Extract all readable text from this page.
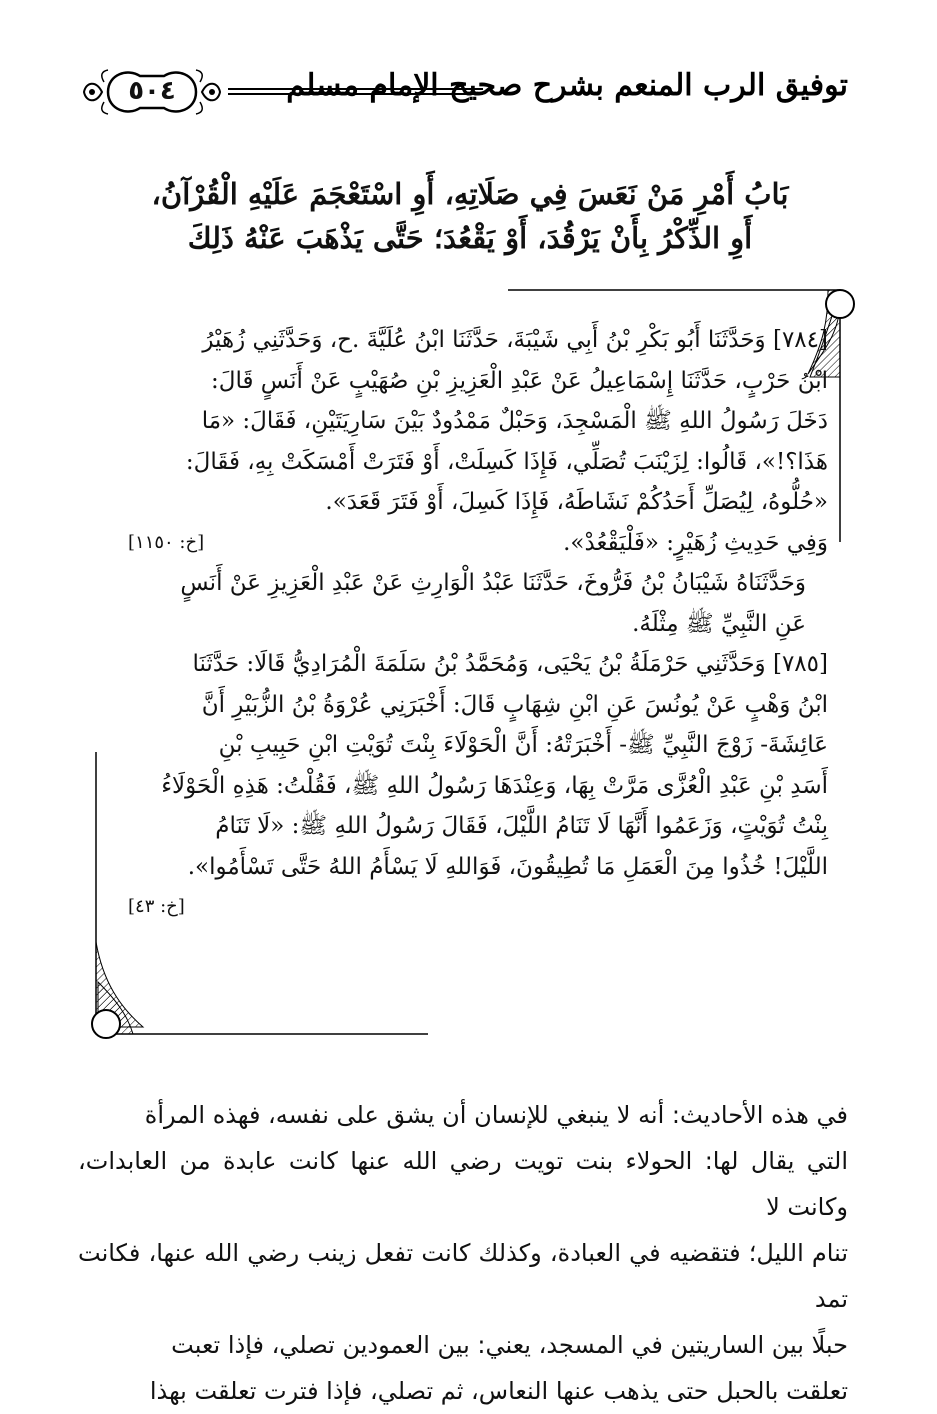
توفيق الرب المنعم بشرح صحيح الإمام مسلم
٥٠٤
بَابُ أَمْرِ مَنْ نَعَسَ فِي صَلَاتِهِ، أَوِ اسْتَعْجَمَ عَلَيْهِ الْقُرْآنُ،
أَوِ الذِّكْرُ بِأَنْ يَرْقُدَ، أَوْ يَقْعُدَ؛ حَتَّى يَذْهَبَ عَنْهُ ذَلِكَ

[٧٨٤] وَحَدَّثَنَا أَبُو بَكْرِ بْنُ أَبِي شَيْبَةَ، حَدَّثَنَا ابْنُ عُلَيَّةَ .ح، وَحَدَّثَنِي زُهَيْرُ
ابْنُ حَرْبٍ، حَدَّثَنَا إِسْمَاعِيلُ عَنْ عَبْدِ الْعَزِيزِ بْنِ صُهَيْبٍ عَنْ أَنَسٍ قَالَ:
دَخَلَ رَسُولُ اللهِ ﷺ الْمَسْجِدَ، وَحَبْلٌ مَمْدُودٌ بَيْنَ سَارِيَتَيْنِ، فَقَالَ: «مَا
هَذَا؟!»، قَالُوا: لِزَيْنَبَ تُصَلِّي، فَإِذَا كَسِلَتْ، أَوْ فَتَرَتْ أَمْسَكَتْ بِهِ، فَقَالَ:
«حُلُّوهُ، لِيُصَلِّ أَحَدُكُمْ نَشَاطَهُ، فَإِذَا كَسِلَ، أَوْ فَتَرَ قَعَدَ».

وَفِي حَدِيثِ زُهَيْرٍ: «فَلْيَقْعُدْ».
[خ: ١١٥٠]

وَحَدَّثَنَاهُ شَيْبَانُ بْنُ فَرُّوخَ، حَدَّثَنَا عَبْدُ الْوَارِثِ عَنْ عَبْدِ الْعَزِيزِ عَنْ أَنَسٍ
عَنِ النَّبِيِّ ﷺ مِثْلَهُ.

[٧٨٥] وَحَدَّثَنِي حَرْمَلَةُ بْنُ يَحْيَى، وَمُحَمَّدُ بْنُ سَلَمَةَ الْمُرَادِيُّ قَالَا: حَدَّثَنَا
ابْنُ وَهْبٍ عَنْ يُونُسَ عَنِ ابْنِ شِهَابٍ قَالَ: أَخْبَرَنِي عُرْوَةُ بْنُ الزُّبَيْرِ أَنَّ
عَائِشَةَ- زَوْجَ النَّبِيِّ ﷺ- أَخْبَرَتْهُ: أَنَّ الْحَوْلَاءَ بِنْتَ تُوَيْتِ ابْنِ حَبِيبِ بْنِ
أَسَدِ بْنِ عَبْدِ الْعُزَّى مَرَّتْ بِهَا، وَعِنْدَهَا رَسُولُ اللهِ ﷺ، فَقُلْتُ: هَذِهِ الْحَوْلَاءُ
بِنْتُ تُوَيْتٍ، وَزَعَمُوا أَنَّهَا لَا تَنَامُ اللَّيْلَ، فَقَالَ رَسُولُ اللهِ ﷺ: «لَا تَنَامُ
اللَّيْلَ! خُذُوا مِنَ الْعَمَلِ مَا تُطِيقُونَ، فَوَاللهِ لَا يَسْأَمُ اللهُ حَتَّى تَسْأَمُوا».

[خ: ٤٣]

في هذه الأحاديث: أنه لا ينبغي للإنسان أن يشق على نفسه، فهذه المرأة
التي يقال لها: الحولاء بنت تويت رضي الله عنها كانت عابدة من العابدات، وكانت لا
تنام الليل؛ فتقضيه في العبادة، وكذلك كانت تفعل زينب رضي الله عنها، فكانت تمد
حبلًا بين الساريتين في المسجد، يعني: بين العمودين تصلي، فإذا تعبت
تعلقت بالحبل حتى يذهب عنها النعاس، ثم تصلي، فإذا فترت تعلقت بهذا
